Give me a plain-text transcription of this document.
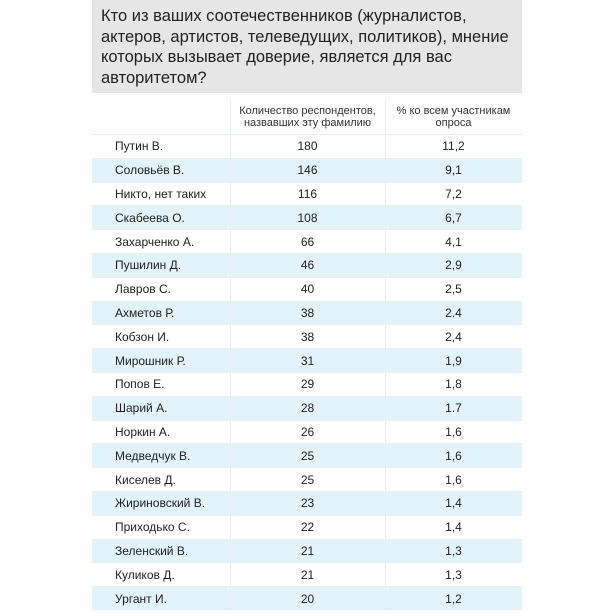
Кто из ваших соотечественников (журналистов, актеров, артистов, телеведущих, политиков), мнение которых вызывает доверие, является для вас авторитетом?
Количество респондентов, назвавших эту фамилию
% ко всем участникам опроса
Путин В.	180	11,2
Соловьёв В.	146	9,1
Никто, нет таких	116	7,2
Скабеева О.	108	6,7
Захарченко А.	66	4,1
Пушилин Д.	46	2,9
Лавров С.	40	2,5
Ахметов Р.	38	2.4
Кобзон И.	38	2,4
Мирошник Р.	31	1,9
Попов Е.	29	1,8
Шарий А.	28	1.7
Норкин А.	26	1,6
Медведчук В.	25	1,6
Киселев Д.	25	1,6
Жириновский В.	23	1,4
Приходько С.	22	1,4
Зеленский В.	21	1,3
Куликов Д.	21	1,3
Ургант И.	20	1,2
